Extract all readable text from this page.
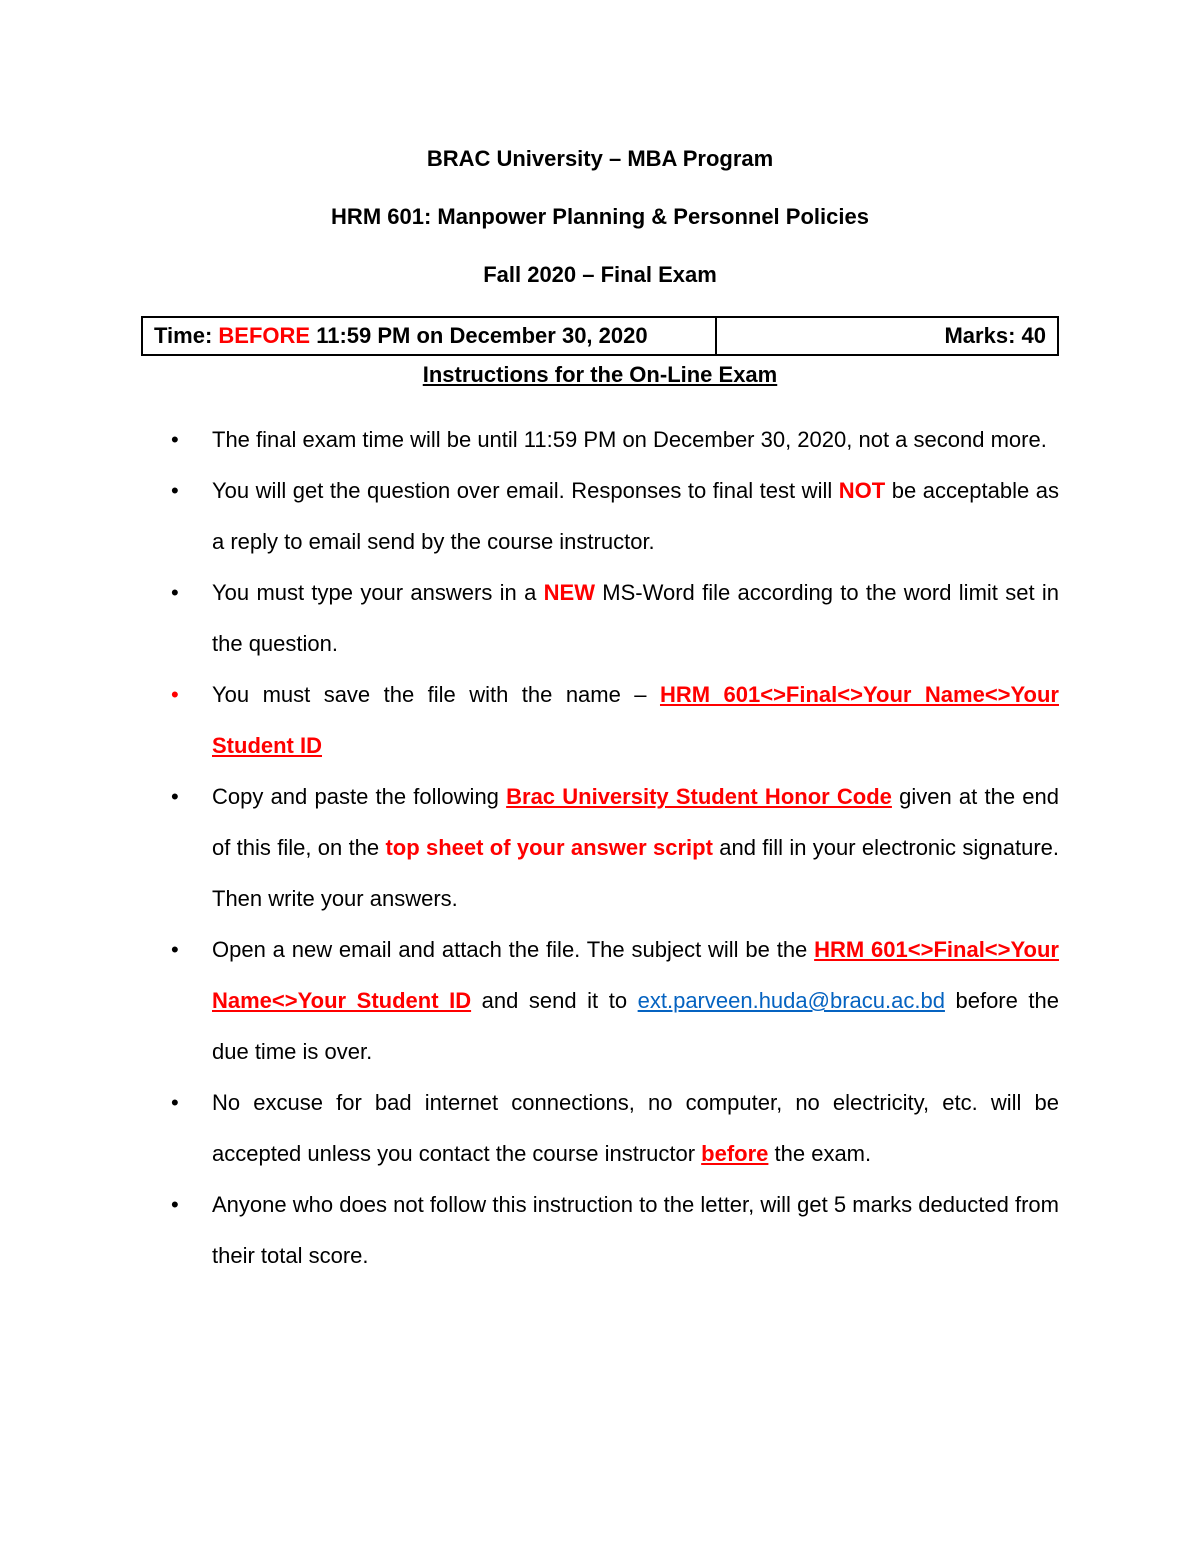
BRAC University – MBA Program
HRM 601: Manpower Planning & Personnel Policies
Fall 2020 – Final Exam
Time: BEFORE 11:59 PM on December 30, 2020	Marks: 40
Instructions for the On-Line Exam
• The final exam time will be until 11:59 PM on December 30, 2020, not a second more.
• You will get the question over email. Responses to final test will NOT be acceptable as a reply to email send by the course instructor.
• You must type your answers in a NEW MS-Word file according to the word limit set in the question.
• You must save the file with the name – HRM 601<>Final<>Your Name<>Your Student ID
• Copy and paste the following Brac University Student Honor Code given at the end of this file, on the top sheet of your answer script and fill in your electronic signature. Then write your answers.
• Open a new email and attach the file. The subject will be the HRM 601<>Final<>Your Name<>Your Student ID and send it to ext.parveen.huda@bracu.ac.bd before the due time is over.
• No excuse for bad internet connections, no computer, no electricity, etc. will be accepted unless you contact the course instructor before the exam.
• Anyone who does not follow this instruction to the letter, will get 5 marks deducted from their total score.
